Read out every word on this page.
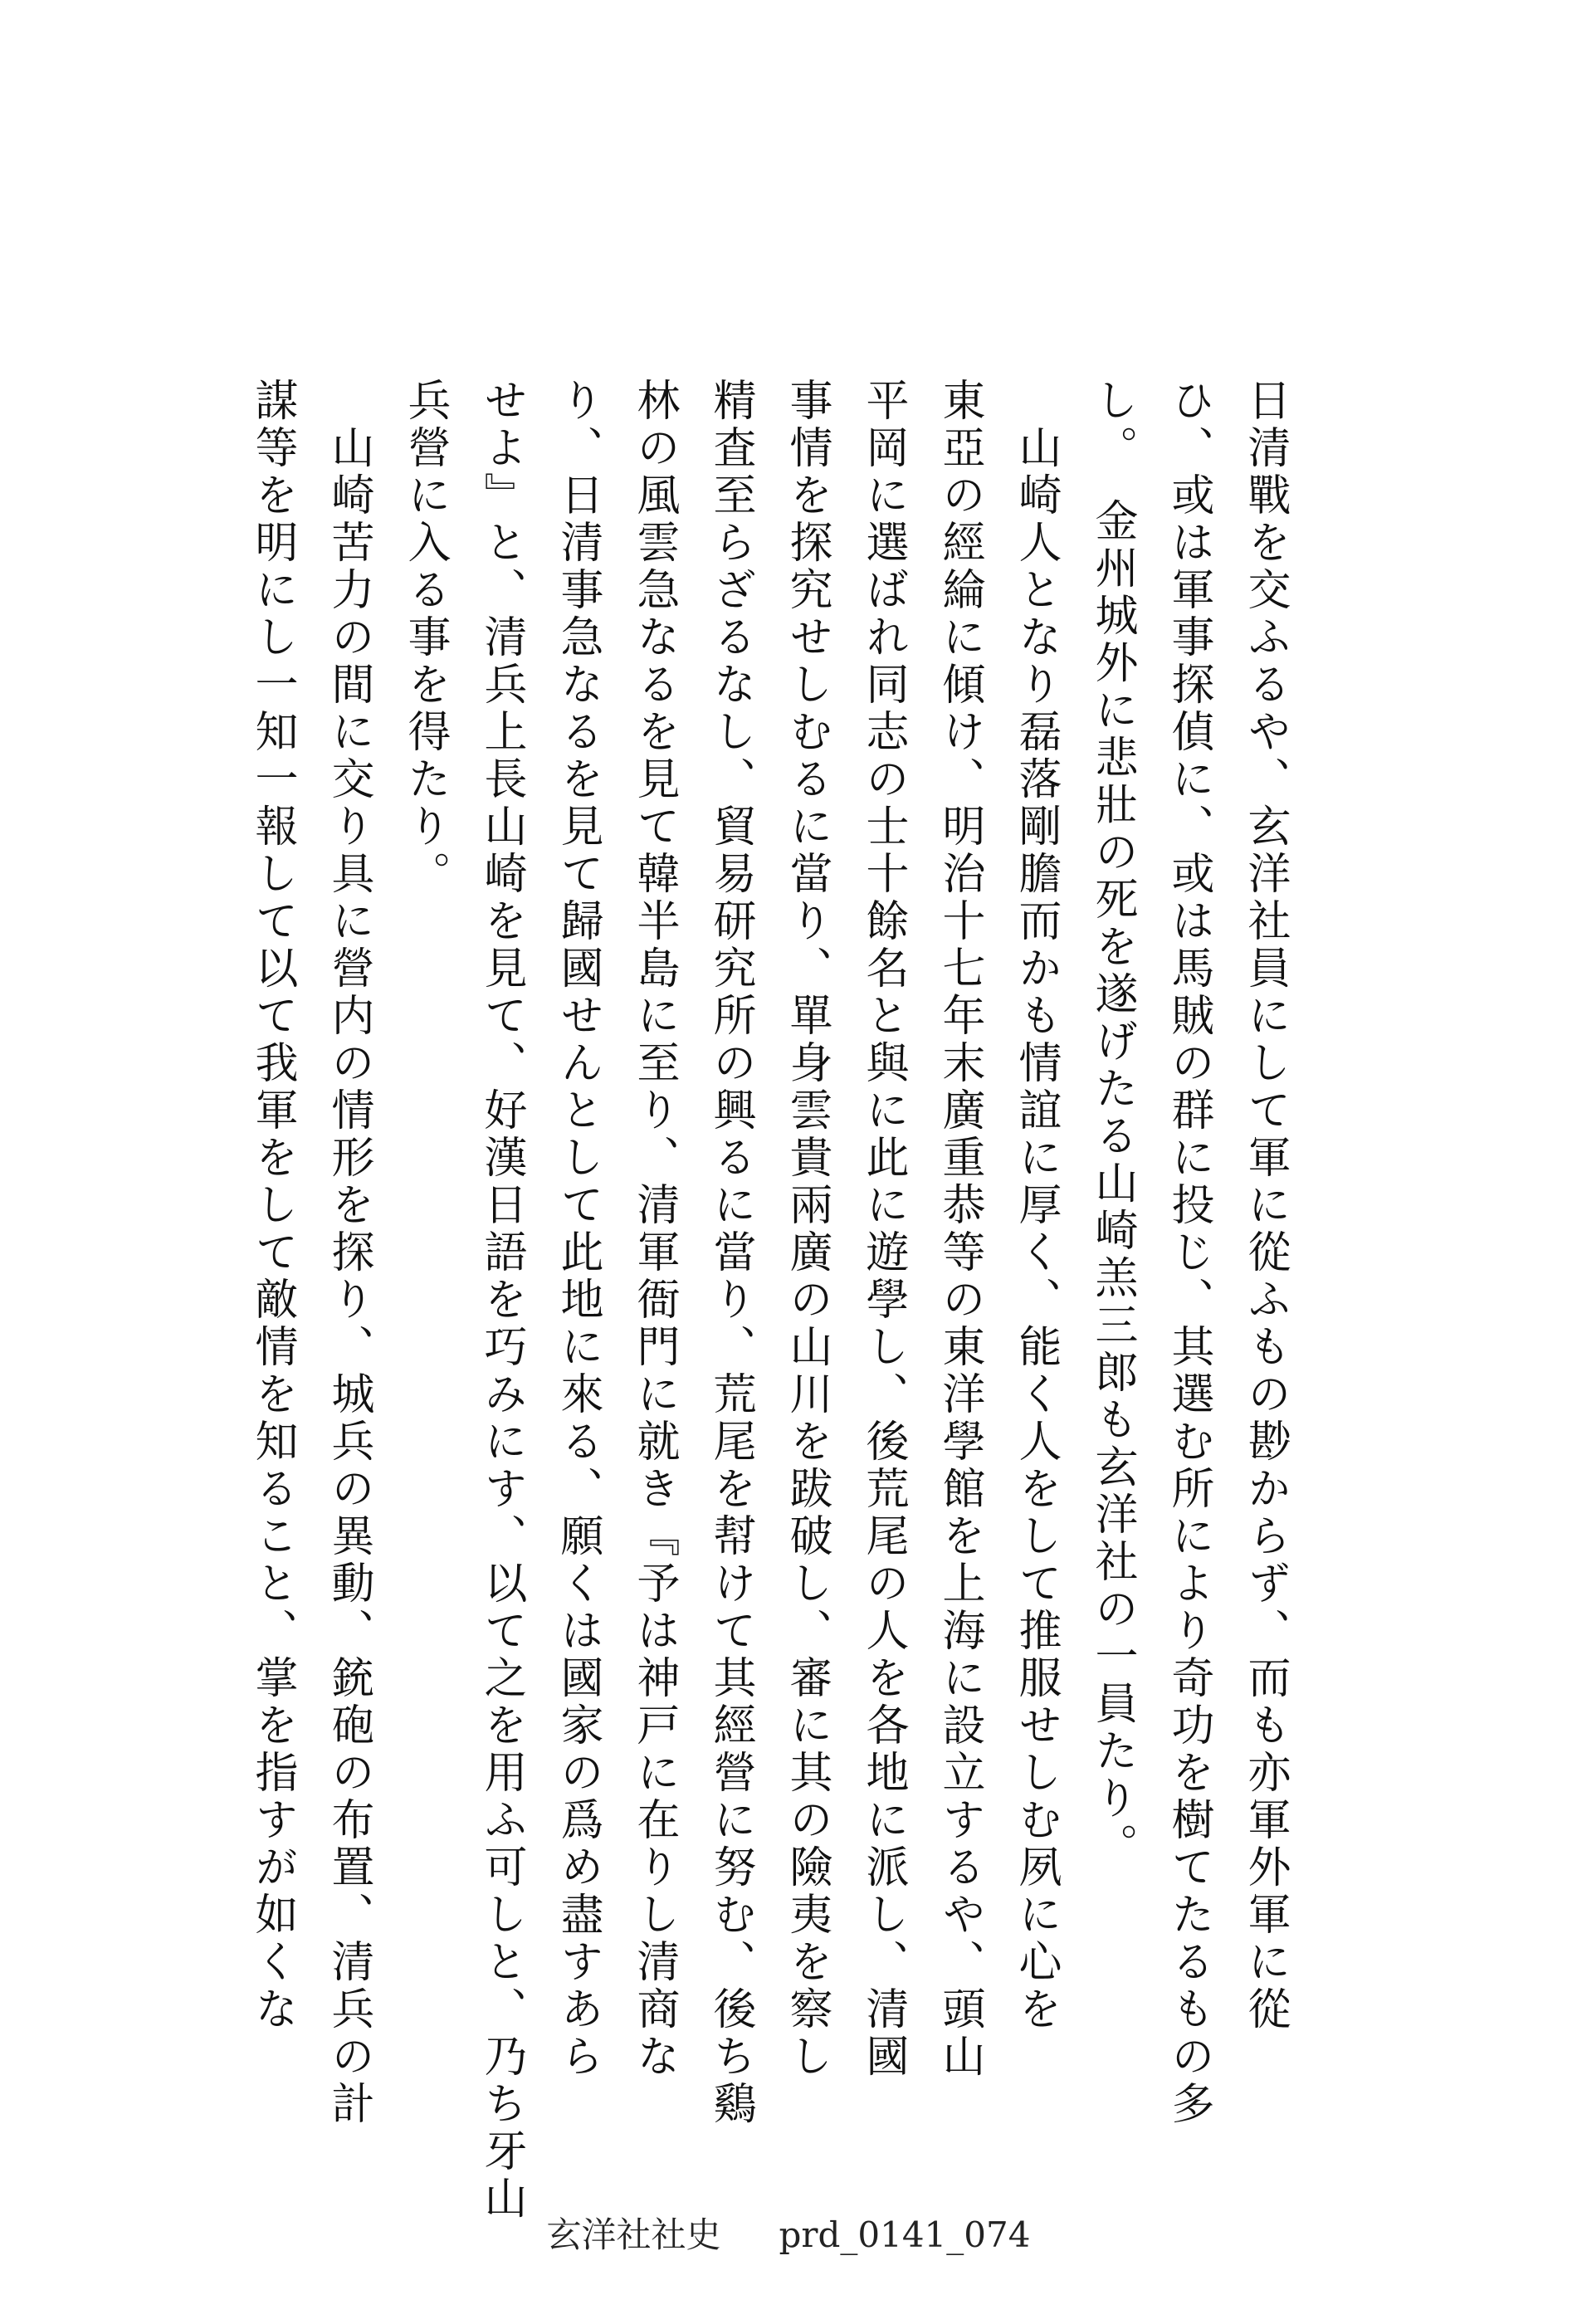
日清戰を交ふるや、玄洋社員にして軍に從ふもの尠からず、而も亦軍外軍に從

ひ、或は軍事探偵に、或は馬賊の群に投じ、其選む所により奇功を樹てたるもの多

し。　金州城外に悲壯の死を遂げたる山崎羔三郎も玄洋社の一員たり。

　山崎人となり磊落剛膽而かも情誼に厚く、能く人をして推服せしむ夙に心を

東亞の經綸に傾け、明治十七年末廣重恭等の東洋學館を上海に設立するや、頭山

平岡に選ばれ同志の士十餘名と與に此に遊學し、後荒尾の人を各地に派し、清國

事情を探究せしむるに當り、單身雲貴兩廣の山川を跋破し、審に其の險夷を察し

精査至らざるなし、貿易研究所の興るに當り、荒尾を幇けて其經營に努む、後ち鷄

林の風雲急なるを見て韓半島に至り、清軍衙門に就き『予は神戸に在りし清商な

り、日清事急なるを見て歸國せんとして此地に來る、願くは國家の爲め盡すあら

せよ』と、清兵上長山崎を見て、好漢日語を巧みにす、以て之を用ふ可しと、乃ち牙山

兵營に入る事を得たり。

　山崎苦力の間に交り具に營内の情形を探り、城兵の異動、銃砲の布置、清兵の計

謀等を明にし一知一報して以て我軍をして敵情を知ること、掌を指すが如くな

玄洋社社史 prd_0141_074
